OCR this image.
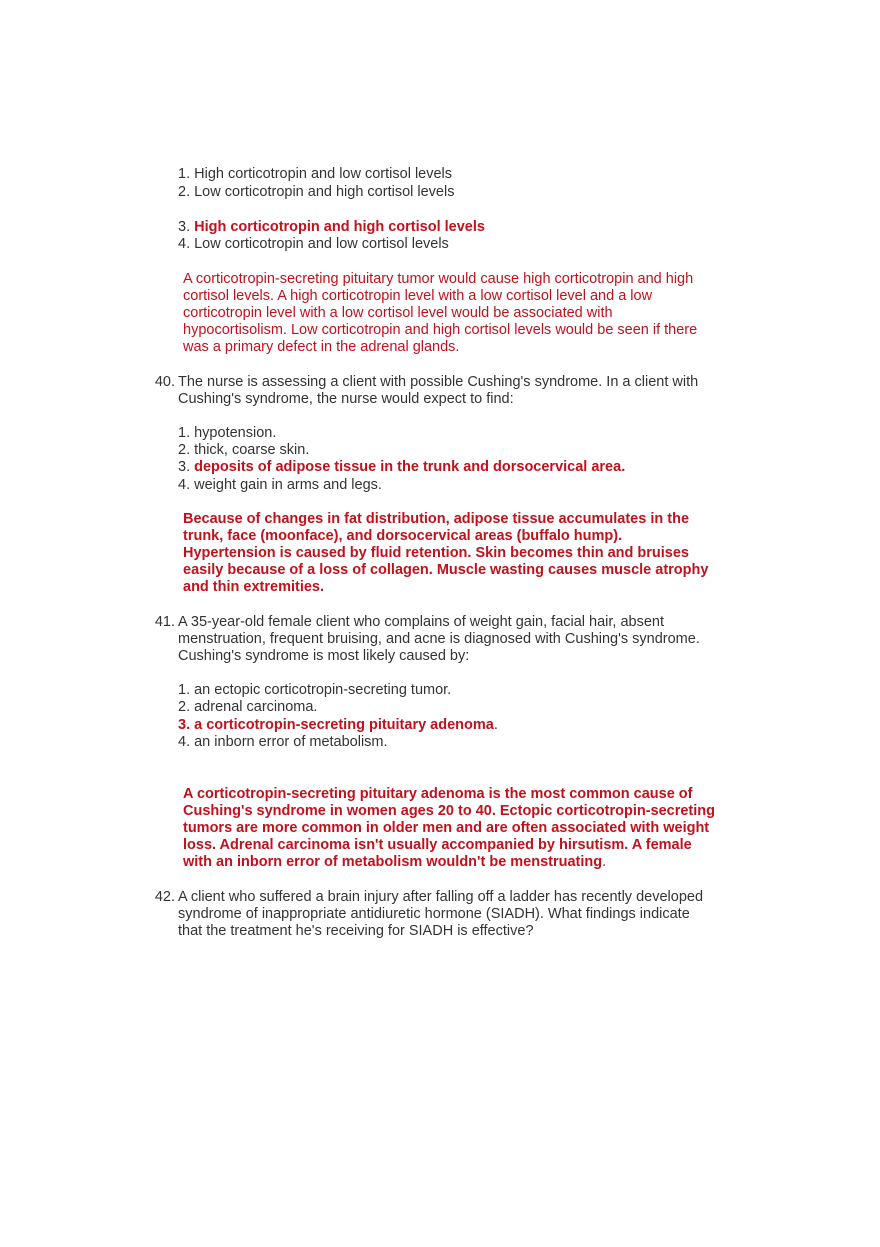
1. High corticotropin and low cortisol levels
2. Low corticotropin and high cortisol levels
3. High corticotropin and high cortisol levels
4. Low corticotropin and low cortisol levels
A corticotropin-secreting pituitary tumor would cause high corticotropin and high
cortisol levels. A high corticotropin level with a low cortisol level and a low
corticotropin level with a low cortisol level would be associated with
hypocortisolism. Low corticotropin and high cortisol levels would be seen if there
was a primary defect in the adrenal glands.
40. The nurse is assessing a client with possible Cushing's syndrome. In a client with
Cushing's syndrome, the nurse would expect to find:
1. hypotension.
2. thick, coarse skin.
3. deposits of adipose tissue in the trunk and dorsocervical area.
4. weight gain in arms and legs.
Because of changes in fat distribution, adipose tissue accumulates in the
trunk, face (moonface), and dorsocervical areas (buffalo hump).
Hypertension is caused by fluid retention. Skin becomes thin and bruises
easily because of a loss of collagen. Muscle wasting causes muscle atrophy
and thin extremities.
41. A 35-year-old female client who complains of weight gain, facial hair, absent
menstruation, frequent bruising, and acne is diagnosed with Cushing's syndrome.
Cushing's syndrome is most likely caused by:
1. an ectopic corticotropin-secreting tumor.
2. adrenal carcinoma.
3. a corticotropin-secreting pituitary adenoma.
4. an inborn error of metabolism.
A corticotropin-secreting pituitary adenoma is the most common cause of
Cushing's syndrome in women ages 20 to 40. Ectopic corticotropin-secreting
tumors are more common in older men and are often associated with weight
loss. Adrenal carcinoma isn't usually accompanied by hirsutism. A female
with an inborn error of metabolism wouldn't be menstruating.
42. A client who suffered a brain injury after falling off a ladder has recently developed
syndrome of inappropriate antidiuretic hormone (SIADH). What findings indicate
that the treatment he's receiving for SIADH is effective?
